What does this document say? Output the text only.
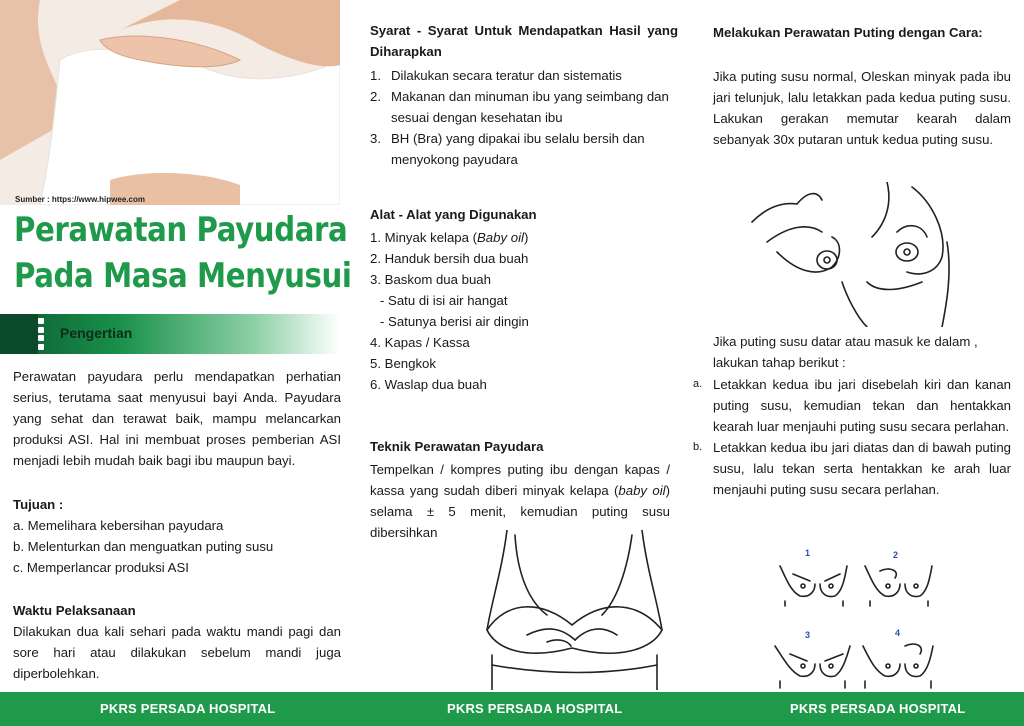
Sumber : https://www.hipwee.com
Perawatan Payudara
Pada Masa Menyusui
Pengertian
Perawatan payudara perlu mendapatkan perhatian serius, terutama saat menyusui bayi Anda. Payudara yang sehat dan terawat baik, mampu melancarkan produksi ASI. Hal ini membuat proses pemberian ASI menjadi lebih mudah baik bagi ibu maupun bayi.
Tujuan :
a. Memelihara kebersihan payudara
b. Melenturkan dan menguatkan puting susu
c. Memperlancar produksi ASI
Waktu Pelaksanaan
Dilakukan dua kali sehari pada waktu mandi pagi dan sore hari atau dilakukan sebelum mandi juga diperbolehkan.
Syarat - Syarat Untuk Mendapatkan Hasil yang Diharapkan
1. Dilakukan secara teratur dan sistematis
2. Makanan dan minuman ibu yang seimbang dan sesuai dengan kesehatan ibu
3. BH (Bra) yang dipakai ibu selalu bersih dan menyokong payudara
Alat - Alat yang Digunakan
1. Minyak kelapa (Baby oil)
2. Handuk bersih dua buah
3. Baskom dua buah
- Satu di isi air hangat
- Satunya berisi air dingin
4. Kapas / Kassa
5. Bengkok
6. Waslap dua buah
Teknik Perawatan Payudara
Tempelkan / kompres puting ibu dengan kapas / kassa yang sudah diberi minyak kelapa (baby oil) selama ± 5 menit, kemudian puting susu dibersihkan
Melakukan Perawatan Puting dengan Cara:
Jika puting susu normal, Oleskan minyak pada ibu jari telunjuk, lalu letakkan pada kedua puting susu. Lakukan gerakan memutar kearah dalam sebanyak 30x putaran untuk kedua puting susu.
Jika puting susu datar atau masuk ke dalam , lakukan tahap berikut :
a. Letakkan kedua ibu jari disebelah kiri dan kanan puting susu, kemudian tekan dan hentakkan kearah luar menjauhi puting susu secara perlahan.
b. Letakkan kedua ibu jari diatas dan di bawah puting susu, lalu tekan serta hentakkan ke arah luar menjauhi puting susu secara perlahan.
1	2
3	4
PKRS PERSADA HOSPITAL	PKRS PERSADA HOSPITAL	PKRS PERSADA HOSPITAL
